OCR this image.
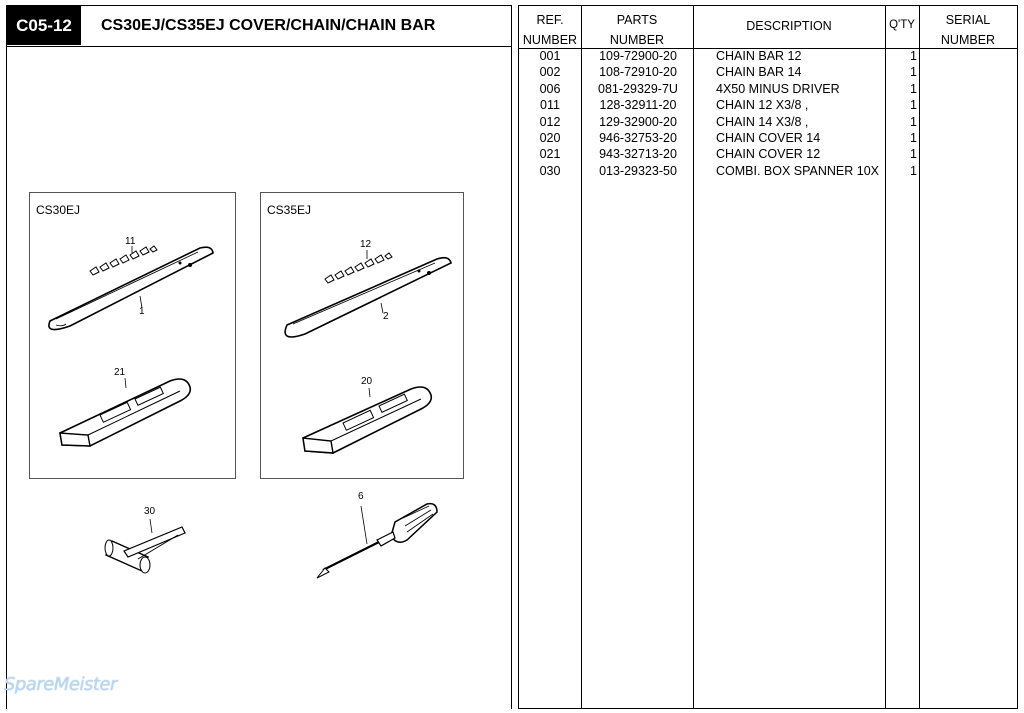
C05-12	CS30EJ/CS35EJ COVER/CHAIN/CHAIN BAR
CS30EJ
11
1
21
CS35EJ
12
2
20
30
6
REF.
NUMBER
PARTS
NUMBER
DESCRIPTION	Q'TY	SERIAL
NUMBER
001	109-72900-20	CHAIN BAR 12	1
002	108-72910-20	CHAIN BAR 14	1
006	081-29329-7U	4X50 MINUS DRIVER	1
011	128-32911-20	CHAIN 12 X3/8 ,	1
012	129-32900-20	CHAIN 14 X3/8 ,	1
020	946-32753-20	CHAIN COVER 14	1
021	943-32713-20	CHAIN COVER 12	1
030	013-29323-50	COMBI. BOX SPANNER 10X	1
SpareMeister
